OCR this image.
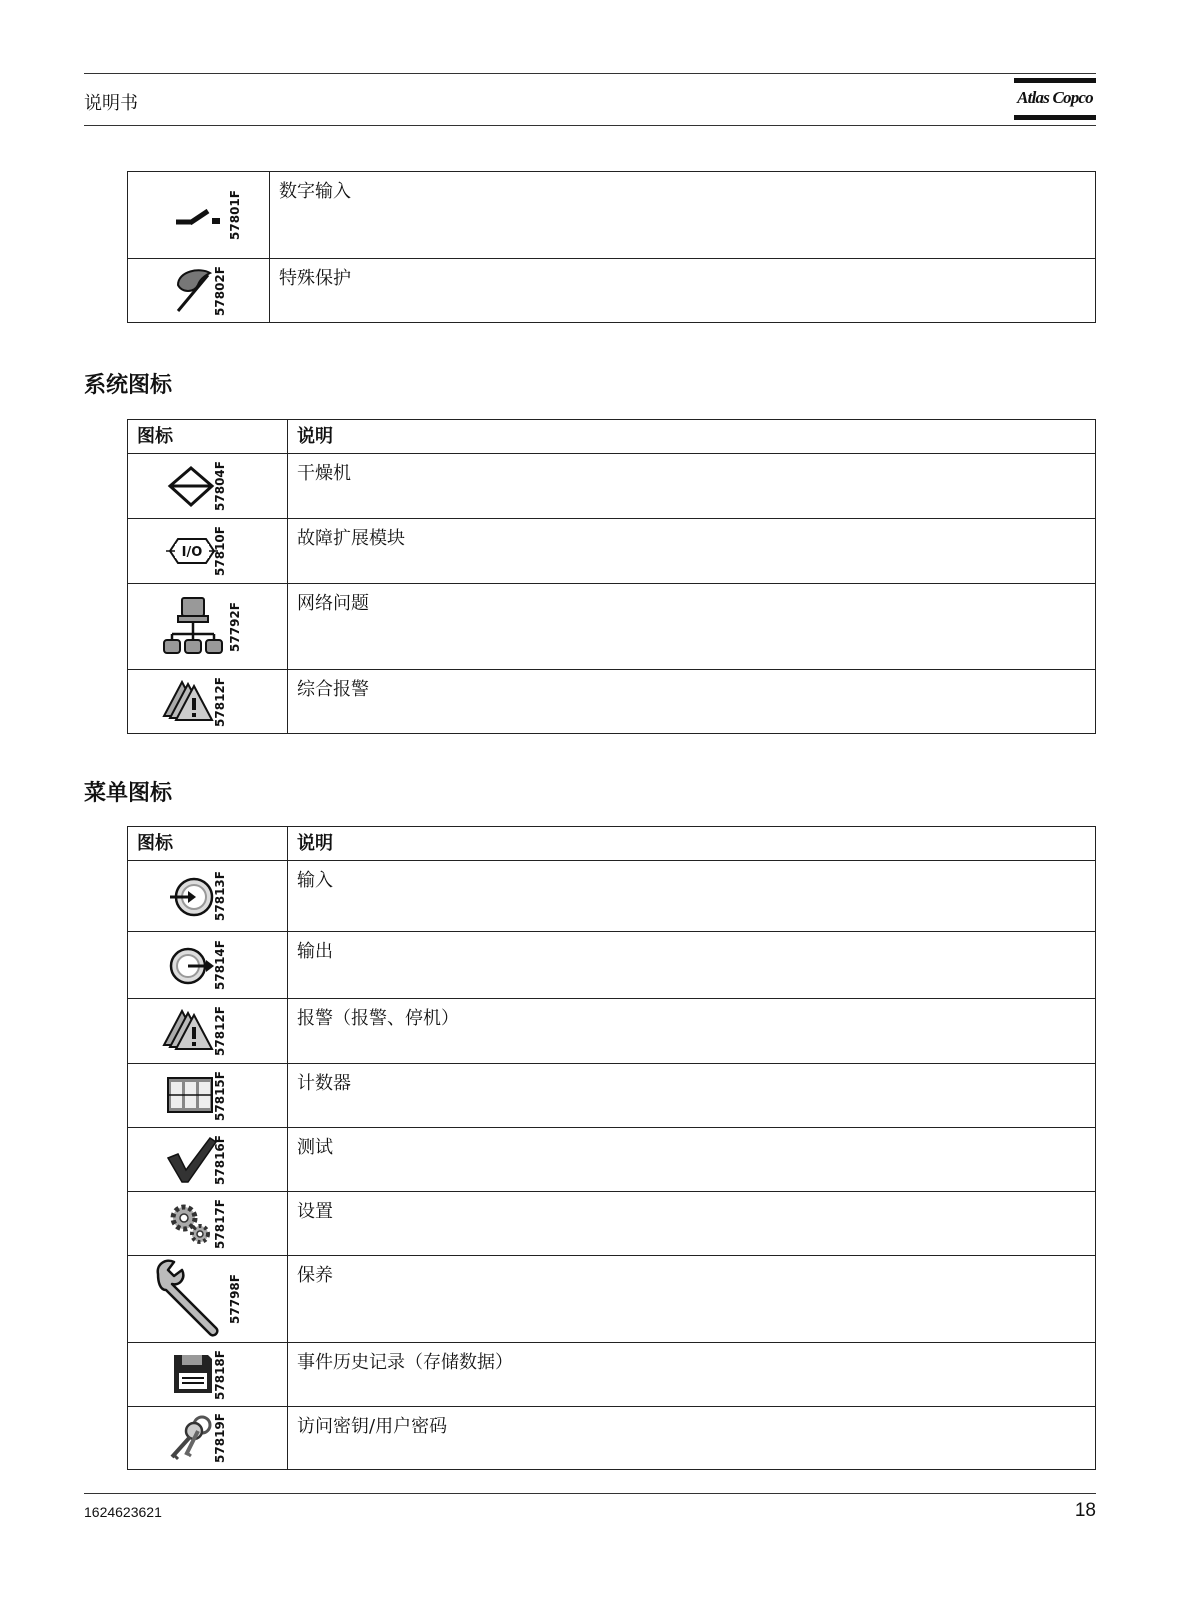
说明书	Atlas Copco
57801F	数字输入

57802F	特殊保护
系统图标
图标	说明

57804F	干燥机

I/O 57810F	故障扩展模块

57792F	网络问题

57812F	综合报警
菜单图标
图标	说明

57813F	输入

57814F	输出

57812F	报警（报警、停机）

57815F	计数器

57816F	测试

57817F	设置

57798F	保养

57818F	事件历史记录（存储数据）

57819F	访问密钥/用户密码
1624623621	18
